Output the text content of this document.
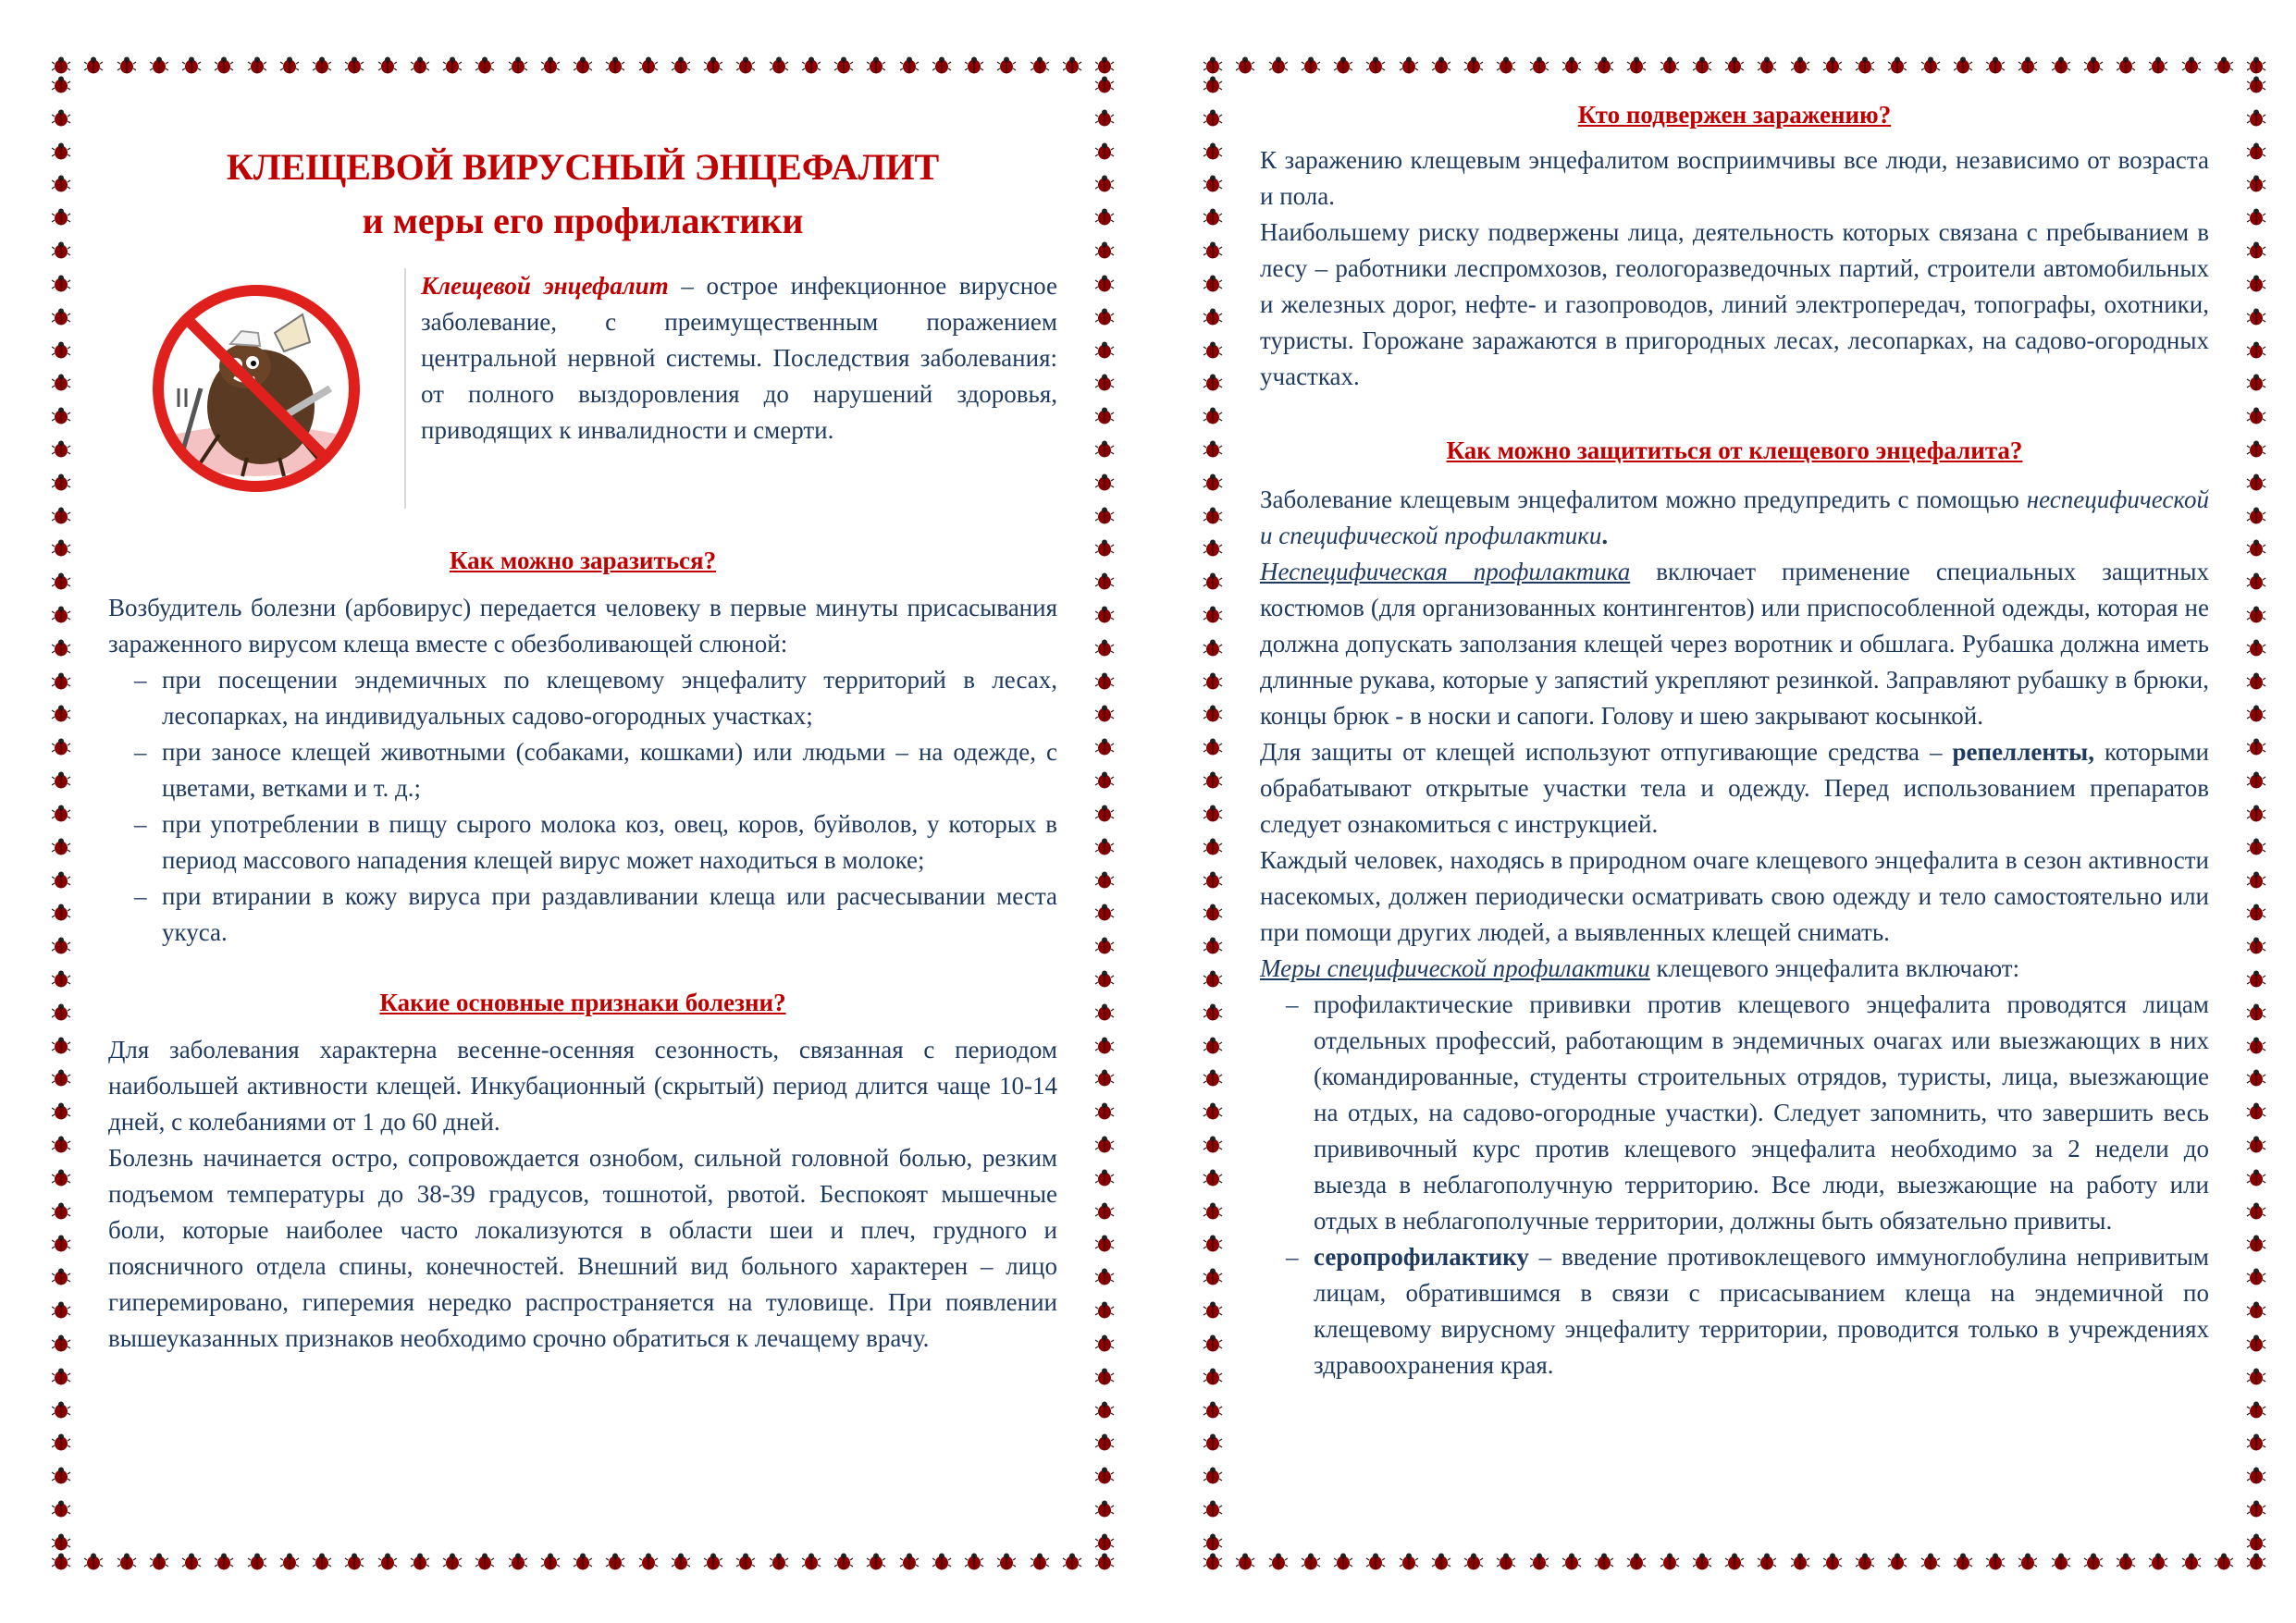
КЛЕЩЕВОЙ ВИРУСНЫЙ ЭНЦЕФАЛИТ
и меры его профилактики
Клещевой энцефалит – острое инфекционное вирусное заболевание, с преимущественным поражением центральной нервной системы. Последствия заболевания: от полного выздоровления до нарушений здоровья, приводящих к инвалидности и смерти.
Как можно заразиться?

Возбудитель болезни (арбовирус) передается человеку в первые минуты присасывания зараженного вирусом клеща вместе с обезболивающей слюной:

– при посещении эндемичных по клещевому энцефалиту территорий в лесах, лесопарках, на индивидуальных садово-огородных участках;
– при заносе клещей животными (собаками, кошками) или людьми – на одежде, с цветами, ветками и т. д.;
– при употреблении в пищу сырого молока коз, овец, коров, буйволов, у которых в период массового нападения клещей вирус может находиться в молоке;
– при втирании в кожу вируса при раздавливании клеща или расчесывании места укуса.
Какие основные признаки болезни?

Для заболевания характерна весенне-осенняя сезонность, связанная с периодом наибольшей активности клещей. Инкубационный (скрытый) период длится чаще 10-14 дней, с колебаниями от 1 до 60 дней.

Болезнь начинается остро, сопровождается ознобом, сильной головной болью, резким подъемом температуры до 38-39 градусов, тошнотой, рвотой. Беспокоят мышечные боли, которые наиболее часто локализуются в области шеи и плеч, грудного и поясничного отдела спины, конечностей. Внешний вид больного характерен – лицо гиперемировано, гиперемия нередко распространяется на туловище. При появлении вышеуказанных признаков необходимо срочно обратиться к лечащему врачу.

Кто подвержен заражению?

К заражению клещевым энцефалитом восприимчивы все люди, независимо от возраста и пола.

Наибольшему риску подвержены лица, деятельность которых связана с пребыванием в лесу – работники леспромхозов, геологоразведочных партий, строители автомобильных и железных дорог, нефте- и газопроводов, линий электропередач, топографы, охотники, туристы. Горожане заражаются в пригородных лесах, лесопарках, на садово-огородных участках.

Как можно защититься от клещевого энцефалита?

Заболевание клещевым энцефалитом можно предупредить с помощью неспецифической и специфической профилактики.

Неспецифическая профилактика включает применение специальных защитных костюмов (для организованных контингентов) или приспособленной одежды, которая не должна допускать заползания клещей через воротник и обшлага. Рубашка должна иметь длинные рукава, которые у запястий укрепляют резинкой. Заправляют рубашку в брюки, концы брюк - в носки и сапоги. Голову и шею закрывают косынкой.

Для защиты от клещей используют отпугивающие средства – репелленты, которыми обрабатывают открытые участки тела и одежду. Перед использованием препаратов следует ознакомиться с инструкцией.

Каждый человек, находясь в природном очаге клещевого энцефалита в сезон активности насекомых, должен периодически осматривать свою одежду и тело самостоятельно или при помощи других людей, а выявленных клещей снимать.

Меры специфической профилактики клещевого энцефалита включают:

– профилактические прививки против клещевого энцефалита проводятся лицам отдельных профессий, работающим в эндемичных очагах или выезжающих в них (командированные, студенты строительных отрядов, туристы, лица, выезжающие на отдых, на садово-огородные участки). Следует запомнить, что завершить весь прививочный курс против клещевого энцефалита необходимо за 2 недели до выезда в неблагополучную территорию. Все люди, выезжающие на работу или отдых в неблагополучные территории, должны быть обязательно привиты.
– серопрофилактику – введение противоклещевого иммуноглобулина непривитым лицам, обратившимся в связи с присасыванием клеща на эндемичной по клещевому вирусному энцефалиту территории, проводится только в учреждениях здравоохранения края.
